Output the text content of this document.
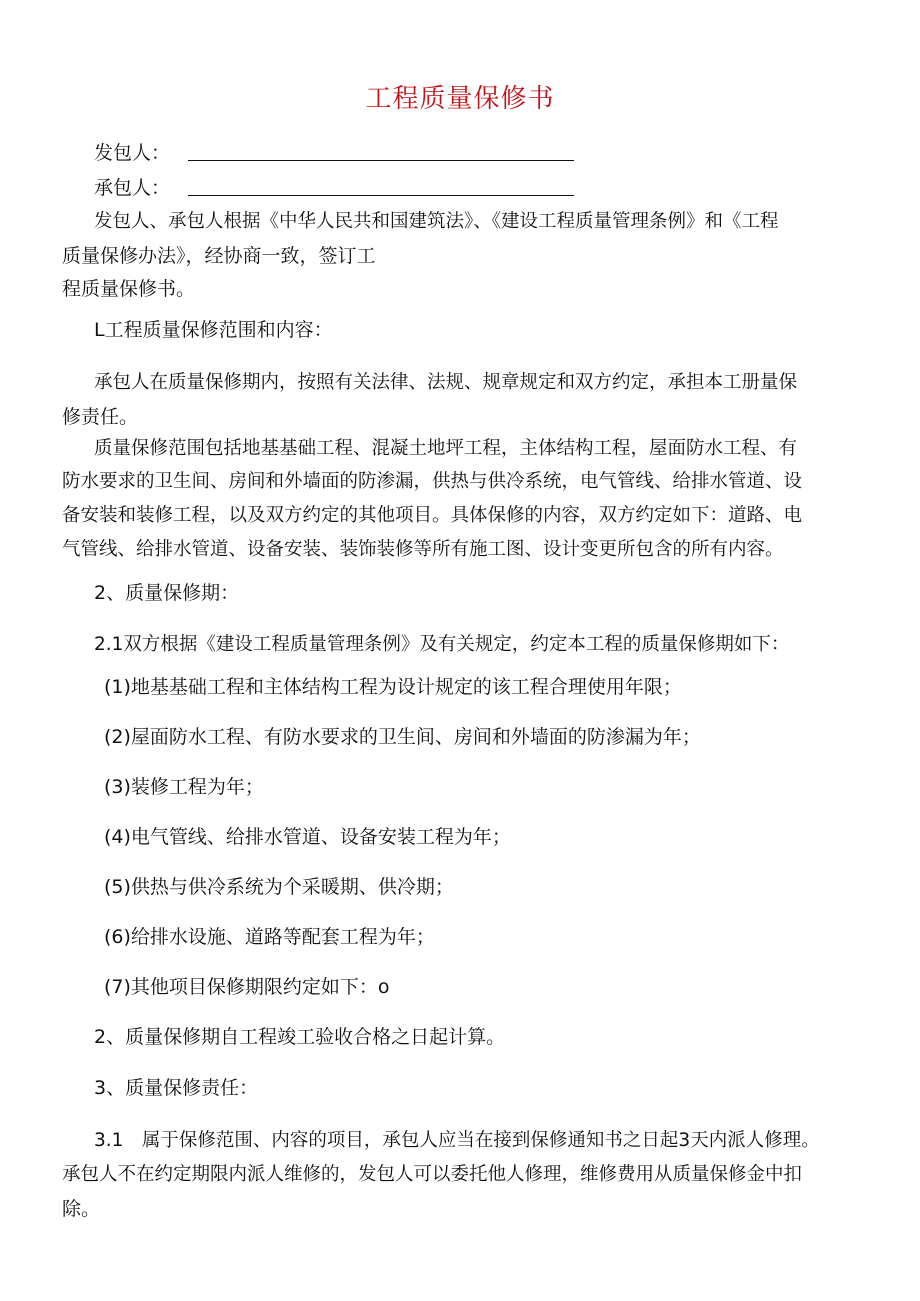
工程质量保修书
发包人：
承包人：
发包人、承包人根据《中华人民共和国建筑法》、《建设工程质量管理条例》和《工程
质量保修办法》，经协商一致，签订工
程质量保修书。
L工程质量保修范围和内容：
承包人在质量保修期内，按照有关法律、法规、规章规定和双方约定，承担本工册量保
修责任。
质量保修范围包括地基基础工程、混凝土地坪工程，主体结构工程，屋面防水工程、有
防水要求的卫生间、房间和外墙面的防渗漏，供热与供冷系统，电气管线、给排水管道、设
备安装和装修工程，以及双方约定的其他项目。具体保修的内容，双方约定如下：道路、电
气管线、给排水管道、设备安装、装饰装修等所有施工图、设计变更所包含的所有内容。
2、质量保修期：
2.1双方根据《建设工程质量管理条例》及有关规定，约定本工程的质量保修期如下：
(1)地基基础工程和主体结构工程为设计规定的该工程合理使用年限；
(2)屋面防水工程、有防水要求的卫生间、房间和外墙面的防渗漏为年；
(3)装修工程为年；
(4)电气管线、给排水管道、设备安装工程为年；
(5)供热与供冷系统为个采暖期、供冷期；
(6)给排水设施、道路等配套工程为年；
(7)其他项目保修期限约定如下：o
2、质量保修期自工程竣工验收合格之日起计算。
3、质量保修责任：
3.1　属于保修范围、内容的项目，承包人应当在接到保修通知书之日起3天内派人修理。
承包人不在约定期限内派人维修的，发包人可以委托他人修理，维修费用从质量保修金中扣
除。
